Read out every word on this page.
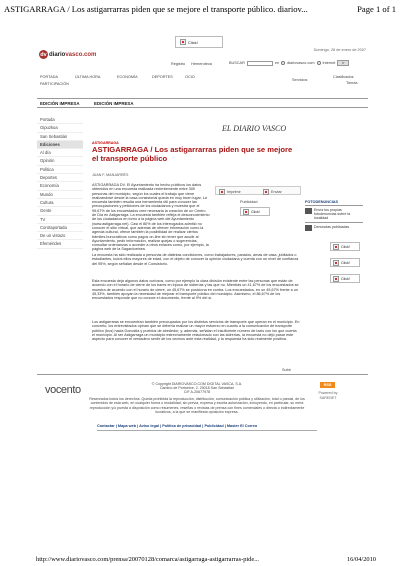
ASTIGARRAGA / Los astigarrarras piden que se mejore el transporte público. diariov...	Page 1 of 1
http://www.diariovasco.com/prensa/20070128/comarca/astigarraga-astigarrarras-pide...	16/04/2010
Click!
Domingo, 28 de enero de 2007
dv diariovasco.com
Registro Hemeroteca	BUSCAR	en diariovasco.com Internet	ir
PORTADA	ÚLTIMA HORA	ECONOMÍA	DEPORTES	OCIO
PARTICIPACIÓN
Servicios
Clasificados
Tienda
EDICIÓN IMPRESA	EDICIÓN IMPRESA
EL DIARIO VASCO
Portada
Gipuzkoa
San Sebastián
Ediciones
Al día
Opinión
Política
Deportes
Economía
Mundo
Cultura
Gente
TV
Contraportada
De un vistazo
Efemérides
ASTIGARRAGA
ASTIGARRAGA / Los astigarrarras piden que se mejore el transporte público
JUAN F. MANJARRÉS
Imprimir	Enviar
Publicidad
Click!
FOTODENUNCIAS
Envía tus propias fotodenuncias sobre la localidad
Denuncias publicadas
Click!
Click!
Click!
ASTIGARRAGA DV. El Ayuntamiento ha hecho públicos los datos obtenidos en una encuesta realizada recientemente entre 300 personas del municipio, según los cuales el trabajo que viene realizándose desde la casa consistorial queda en muy buen lugar. La encuesta también resulta una herramienta útil para conocer las preocupaciones y peticiones de los ciudadanos y muestra que el 95,67% de los encuestados cree necesaria la creación de un Centro de Día en Astigarraga. La encuesta también refleja el desconocimiento de los ciudadanos en torno a la página web del Ayuntamiento (www.astigarraga.net). Casi el 80% de los interrogados admitió no conocer el sitio virtual, que además de ofrecer información como la agenda cultural, ofrece también la posibilidad de realizar ciertos trámites burocráticos como pagos on-line sin tener que acudir al Ayuntamiento, pedir información, realizar quejas o sugerencias, consultar ordenanzas o acceder a otros enlaces como, por ejemplo, la página web de la Sagardoetxea.
La encuesta ha sido realizada a personas de distintas condiciones, como trabajadores, parados, amas de casa, jubilados o estudiantes, todos ellos mayores de edad, con el objeto de conocer la opinión ciudadana y cuenta con un nivel de confianza del 95%, según señalan desde el Consistorio.
Esta encuesta deja algunos datos curiosos, como por ejemplo la clara división existente entre las personas que están de acuerdo con el horario de cierre de los bares en época de sidrerías y las que no. Mientras un 41,67% de los encuestados se muestra de acuerdo con el horario de cierre, un 45,67% se posiciona en contra. Los encuestados, en un 45,67% frente a un 45,33%, también apoyan la necesidad de mejorar el transporte público del municipio. Asimismo, el 86,67% de los encuestados responde que no conoce el documento, frente al 9% del sí.
Los astigarraras se encuentran también preocupados por los distintos servicios de transporte que operan en el municipio. En concreto, los entrevistados opinan que se debería realizar un mayor esfuerzo en cuanto a la comunicación de transporte público (bus) hacia Donostia y pueblos de alrededor, y, además, señalan el insuficiente número de taxis con los que cuenta el municipio. Al ser Astigarraga un municipio estrechamente relacionado con las sidrerías, la encuesta no dejó pasar este aspecto para conocer el verdadero sentir de los vecinos ante esta realidad, y la respuesta ha sido realmente positiva.
Subir
vocento	© Copyright DIARIOVASCO.COM DIGITAL VASCA, S.A.
Camino de Portuetxe, 2. 20018 San Sebastián
CIF A-20677978
Reservados todos los derechos. Queda prohibida la reproducción, distribución, comunicación pública y utilización, total o parcial, de los contenidos de esta web, en cualquier forma o modalidad, sin previa, expresa y escrita autorización, incluyendo, en particular, su mera reproducción y/o puesta a disposición como resúmenes, reseñas o revistas de prensa con fines comerciales o directa o indirectamente lucrativos, a la que se manifiesta oposición expresa.
RSS
Powered by
SARENET
Contactar | Mapa web | Aviso legal | Política de privacidad | Publicidad | Master El Correo
